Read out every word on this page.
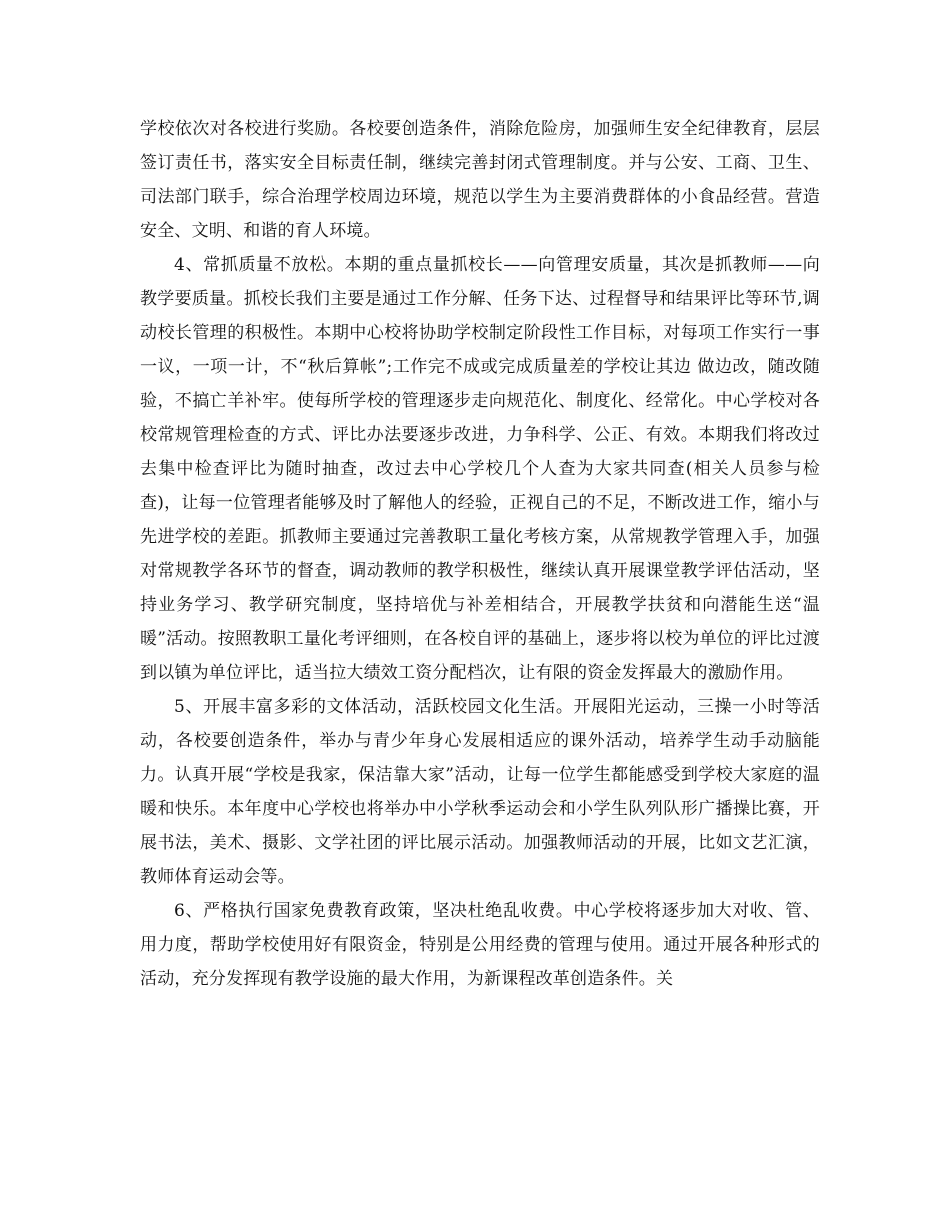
学校依次对各校进行奖励。各校要创造条件，消除危险房，加强师生安全纪律教育，层层签订责任书，落实安全目标责任制，继续完善封闭式管理制度。并与公安、工商、卫生、司法部门联手，综合治理学校周边环境，规范以学生为主要消费群体的小食品经营。营造安全、文明、和谐的育人环境。

4、常抓质量不放松。本期的重点量抓校长——向管理安质量，其次是抓教师——向教学要质量。抓校长我们主要是通过工作分解、任务下达、过程督导和结果评比等环节,调动校长管理的积极性。本期中心校将协助学校制定阶段性工作目标，对每项工作实行一事一议，一项一计，不“秋后算帐”;工作完不成或完成质量差的学校让其边 做边改，随改随验，不搞亡羊补牢。使每所学校的管理逐步走向规范化、制度化、经常化。中心学校对各校常规管理检查的方式、评比办法要逐步改进，力争科学、公正、有效。本期我们将改过去集中检查评比为随时抽查，改过去中心学校几个人查为大家共同查(相关人员参与检查)，让每一位管理者能够及时了解他人的经验，正视自己的不足，不断改进工作，缩小与先进学校的差距。抓教师主要通过完善教职工量化考核方案，从常规教学管理入手，加强对常规教学各环节的督查，调动教师的教学积极性，继续认真开展课堂教学评估活动，坚持业务学习、教学研究制度，坚持培优与补差相结合，开展教学扶贫和向潜能生送“温暖”活动。按照教职工量化考评细则，在各校自评的基础上，逐步将以校为单位的评比过渡到以镇为单位评比，适当拉大绩效工资分配档次，让有限的资金发挥最大的激励作用。

5、开展丰富多彩的文体活动，活跃校园文化生活。开展阳光运动，三操一小时等活动，各校要创造条件，举办与青少年身心发展相适应的课外活动，培养学生动手动脑能力。认真开展“学校是我家，保洁靠大家”活动，让每一位学生都能感受到学校大家庭的温暖和快乐。本年度中心学校也将举办中小学秋季运动会和小学生队列队形广播操比赛，开展书法，美术、摄影、文学社团的评比展示活动。加强教师活动的开展，比如文艺汇演，教师体育运动会等。

6、严格执行国家免费教育政策，坚决杜绝乱收费。中心学校将逐步加大对收、管、用力度，帮助学校使用好有限资金，特别是公用经费的管理与使用。通过开展各种形式的活动，充分发挥现有教学设施的最大作用，为新课程改革创造条件。关
